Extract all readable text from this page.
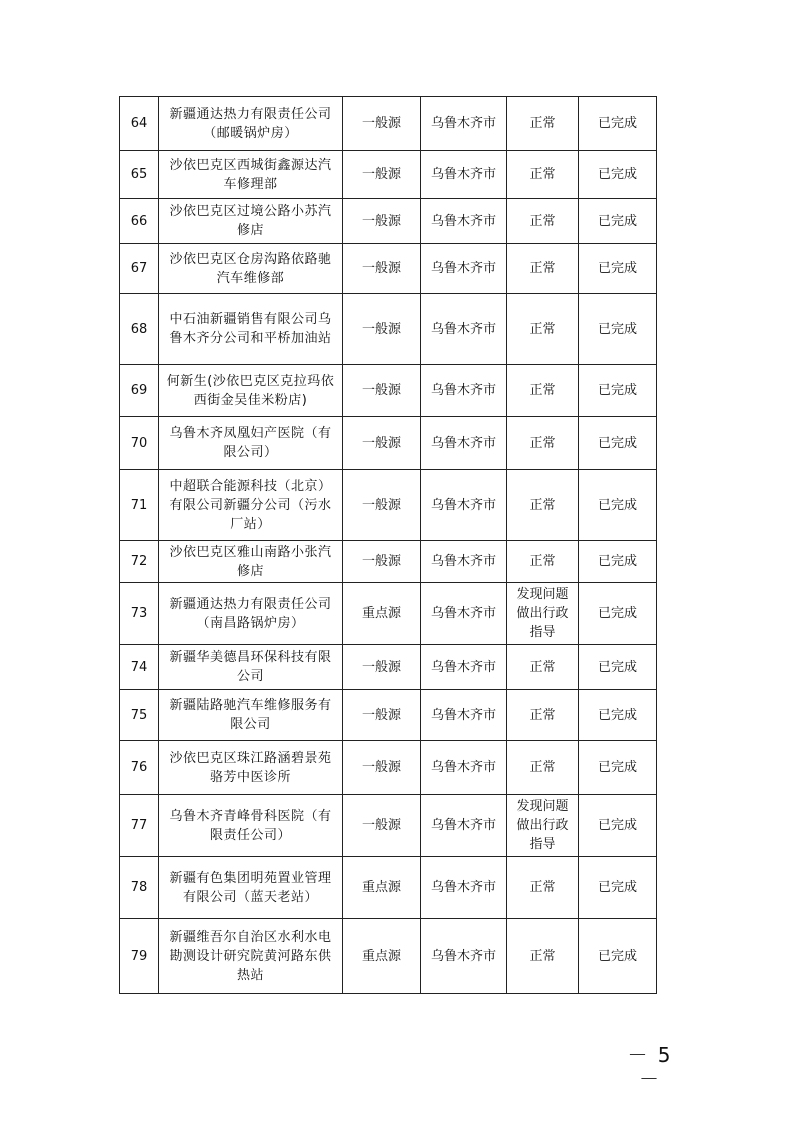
64	新疆通达热力有限责任公司（邮暖锅炉房）	一般源	乌鲁木齐市	正常	已完成
65	沙依巴克区西城街鑫源达汽车修理部	一般源	乌鲁木齐市	正常	已完成
66	沙依巴克区过境公路小苏汽修店	一般源	乌鲁木齐市	正常	已完成
67	沙依巴克区仓房沟路依路驰汽车维修部	一般源	乌鲁木齐市	正常	已完成
68	中石油新疆销售有限公司乌鲁木齐分公司和平桥加油站	一般源	乌鲁木齐市	正常	已完成
69	何新生(沙依巴克区克拉玛依西街金吴佳米粉店)	一般源	乌鲁木齐市	正常	已完成
70	乌鲁木齐凤凰妇产医院（有限公司）	一般源	乌鲁木齐市	正常	已完成
71	中超联合能源科技（北京）有限公司新疆分公司（污水厂站）	一般源	乌鲁木齐市	正常	已完成
72	沙依巴克区雅山南路小张汽修店	一般源	乌鲁木齐市	正常	已完成
73	新疆通达热力有限责任公司（南昌路锅炉房）	重点源	乌鲁木齐市	发现问题做出行政指导	已完成
74	新疆华美德昌环保科技有限公司	一般源	乌鲁木齐市	正常	已完成
75	新疆陆路驰汽车维修服务有限公司	一般源	乌鲁木齐市	正常	已完成
76	沙依巴克区珠江路涵碧景苑骆芳中医诊所	一般源	乌鲁木齐市	正常	已完成
77	乌鲁木齐青峰骨科医院（有限责任公司）	一般源	乌鲁木齐市	发现问题做出行政指导	已完成
78	新疆有色集团明苑置业管理有限公司（蓝天老站）	重点源	乌鲁木齐市	正常	已完成
79	新疆维吾尔自治区水利水电勘测设计研究院黄河路东供热站	重点源	乌鲁木齐市	正常	已完成
－ 5 －
